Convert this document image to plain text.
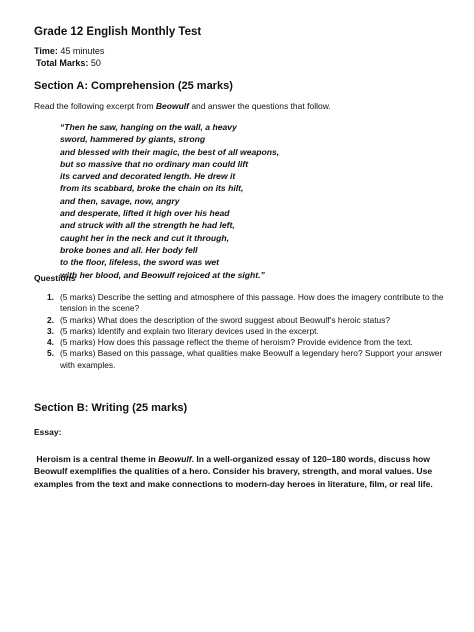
Grade 12 English Monthly Test
Time: 45 minutes
Total Marks: 50
Section A: Comprehension (25 marks)
Read the following excerpt from Beowulf and answer the questions that follow.
“Then he saw, hanging on the wall, a heavy
sword, hammered by giants, strong
and blessed with their magic, the best of all weapons,
but so massive that no ordinary man could lift
its carved and decorated length. He drew it
from its scabbard, broke the chain on its hilt,
and then, savage, now, angry
and desperate, lifted it high over his head
and struck with all the strength he had left,
caught her in the neck and cut it through,
broke bones and all. Her body fell
to the floor, lifeless, the sword was wet
with her blood, and Beowulf rejoiced at the sight.”
Questions
1. (5 marks) Describe the setting and atmosphere of this passage. How does the imagery contribute to the tension in the scene?
2. (5 marks) What does the description of the sword suggest about Beowulf’s heroic status?
3. (5 marks) Identify and explain two literary devices used in the excerpt.
4. (5 marks) How does this passage reflect the theme of heroism? Provide evidence from the text.
5. (5 marks) Based on this passage, what qualities make Beowulf a legendary hero? Support your answer with examples.
Section B: Writing (25 marks)
Essay:
Heroism is a central theme in Beowulf. In a well-organized essay of 120–180 words, discuss how Beowulf exemplifies the qualities of a hero. Consider his bravery, strength, and moral values. Use examples from the text and make connections to modern-day heroes in literature, film, or real life.
